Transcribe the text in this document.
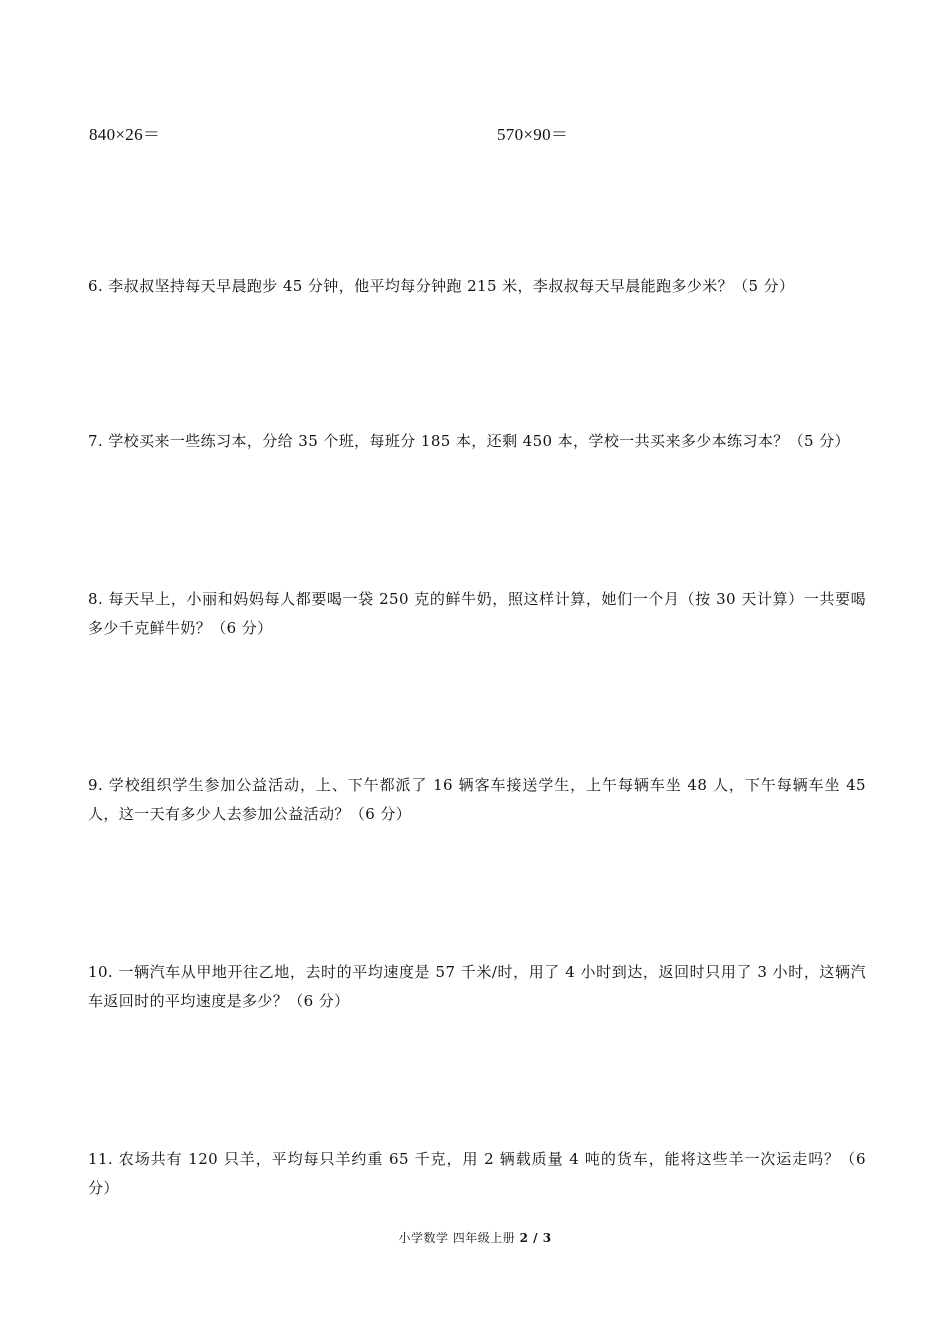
840×26＝	570×90＝
6. 李叔叔坚持每天早晨跑步 45 分钟，他平均每分钟跑 215 米，李叔叔每天早晨能跑多少米？（5 分）
7. 学校买来一些练习本，分给 35 个班，每班分 185 本，还剩 450 本，学校一共买来多少本练习本？（5 分）
8. 每天早上，小丽和妈妈每人都要喝一袋 250 克的鲜牛奶，照这样计算，她们一个月（按 30 天计算）一共要喝多少千克鲜牛奶？（6 分）
9. 学校组织学生参加公益活动，上、下午都派了 16 辆客车接送学生，上午每辆车坐 48 人，下午每辆车坐 45 人，这一天有多少人去参加公益活动？（6 分）
10. 一辆汽车从甲地开往乙地，去时的平均速度是 57 千米/时，用了 4 小时到达，返回时只用了 3 小时，这辆汽车返回时的平均速度是多少？（6 分）
11. 农场共有 120 只羊，平均每只羊约重 65 千克，用 2 辆载质量 4 吨的货车，能将这些羊一次运走吗？（6 分）
小学数学 四年级上册 2 / 3
